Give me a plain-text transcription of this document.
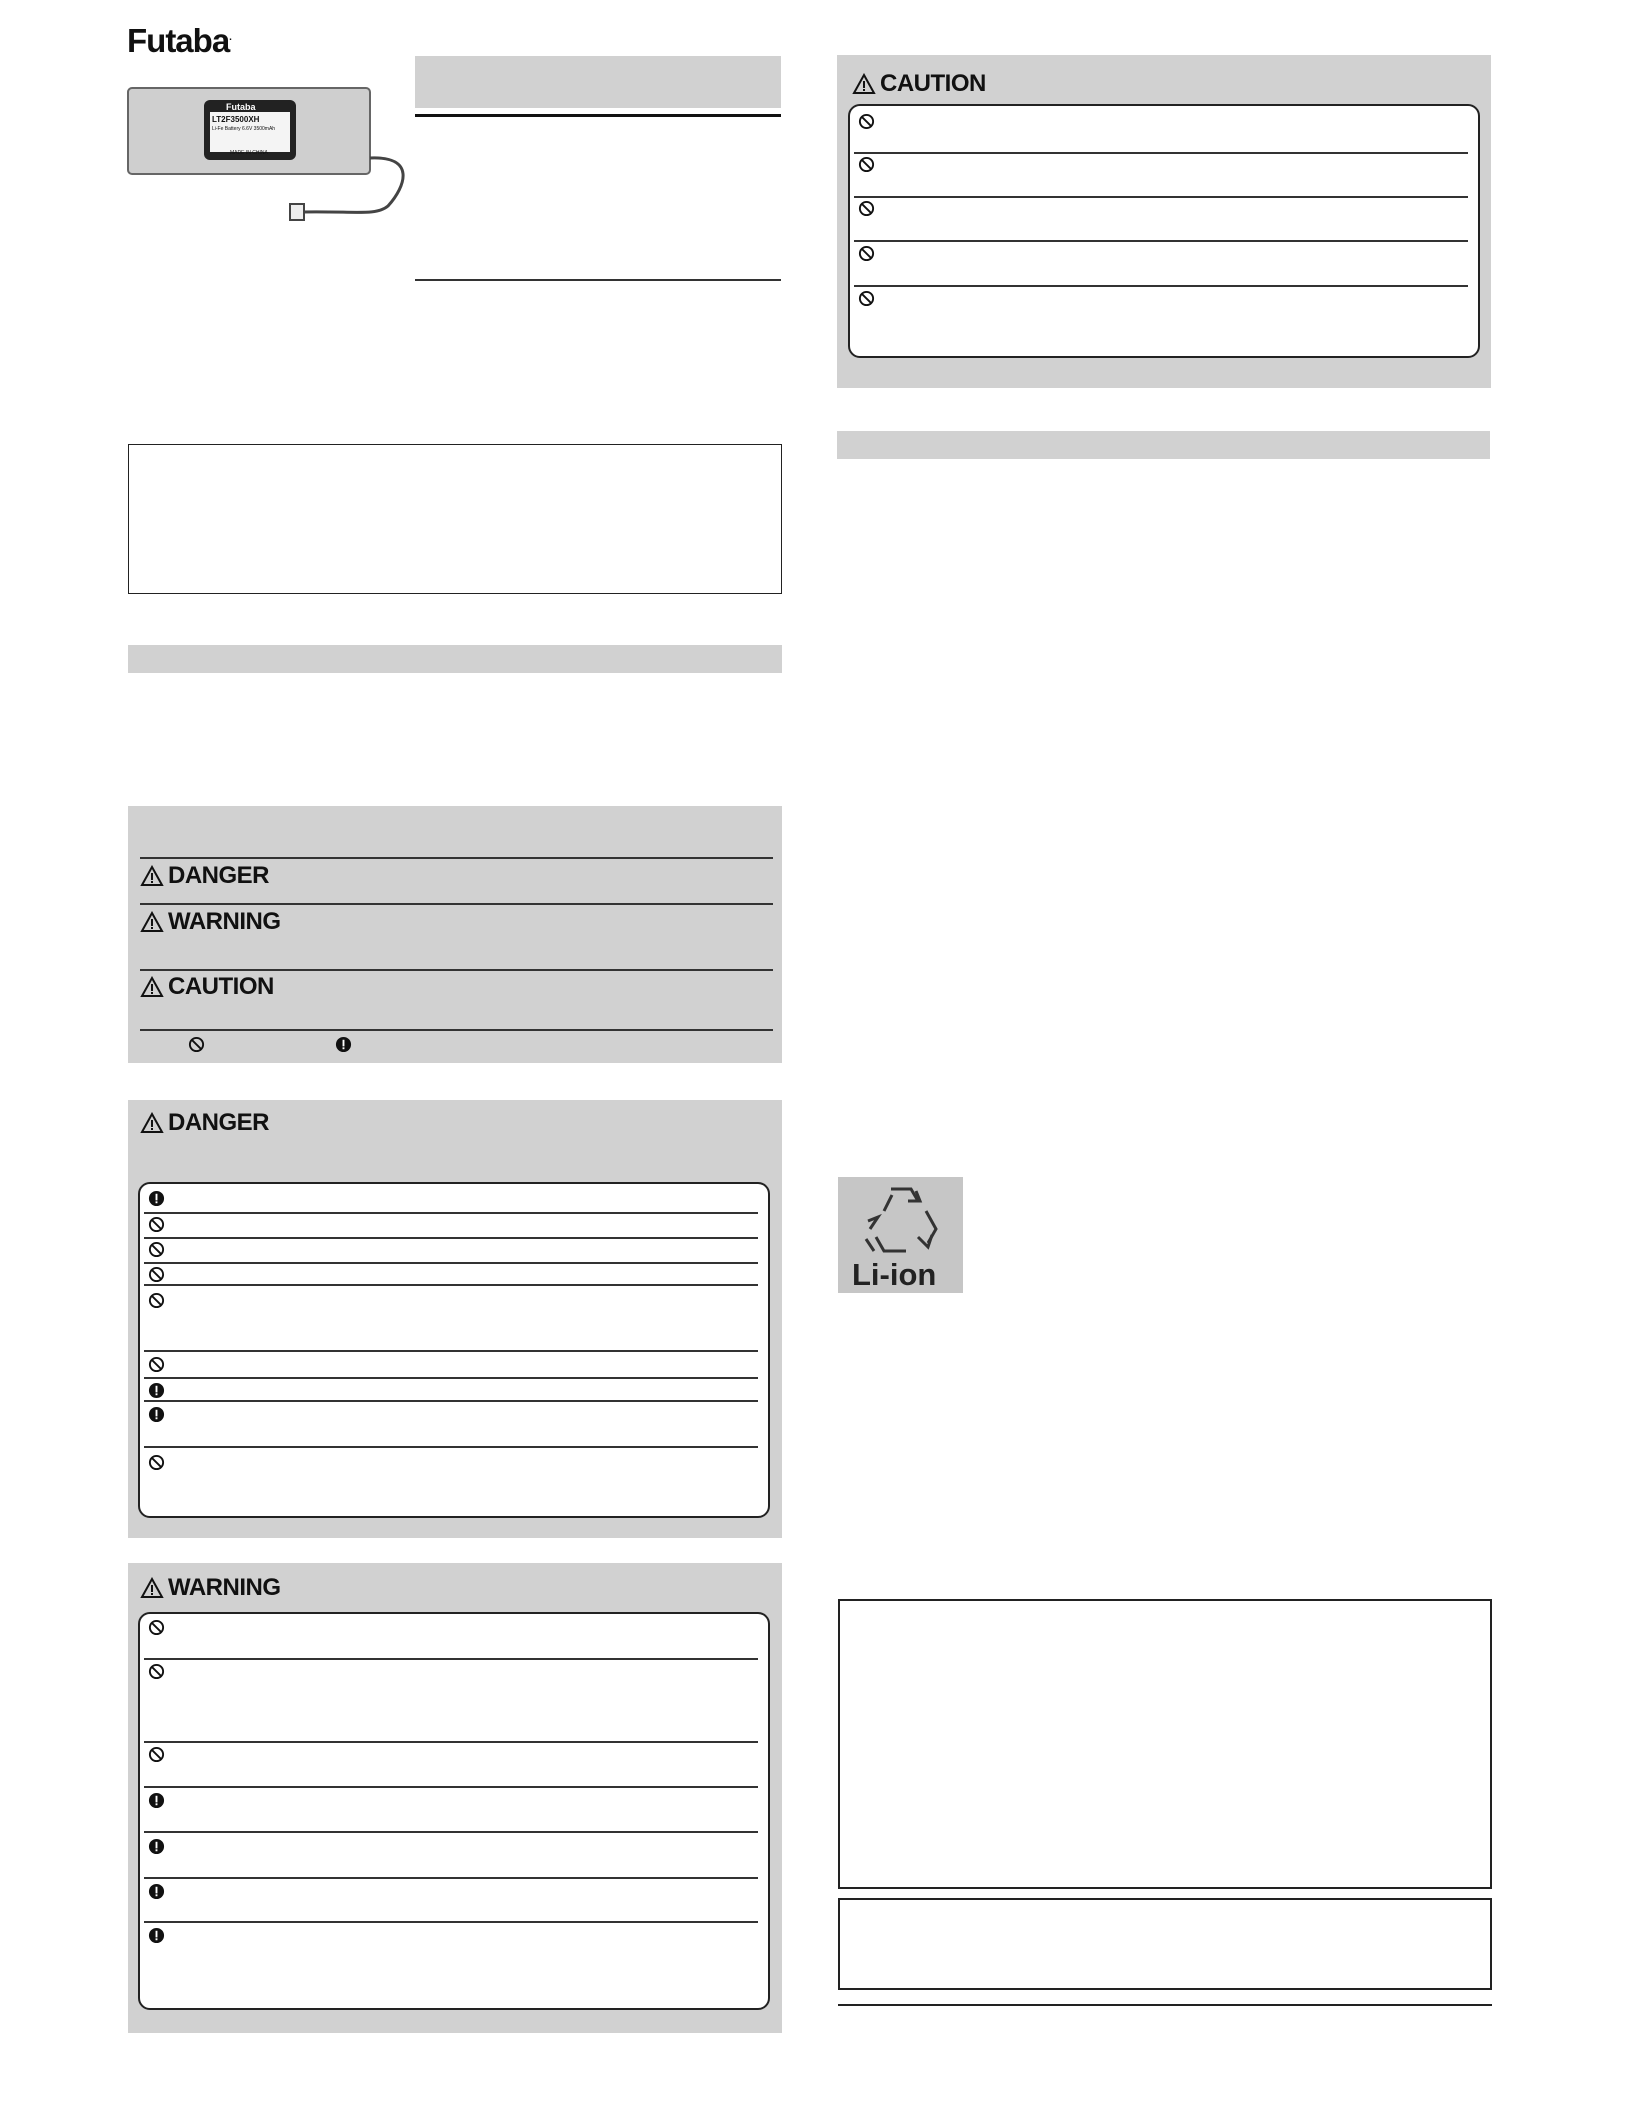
Futaba.
Futaba
LT2F3500XH
Li-Fe Battery 6.6V 3500mAh
MADE IN CHINA
DANGER
WARNING
CAUTION
DANGER
WARNING
CAUTION
Li-ion
